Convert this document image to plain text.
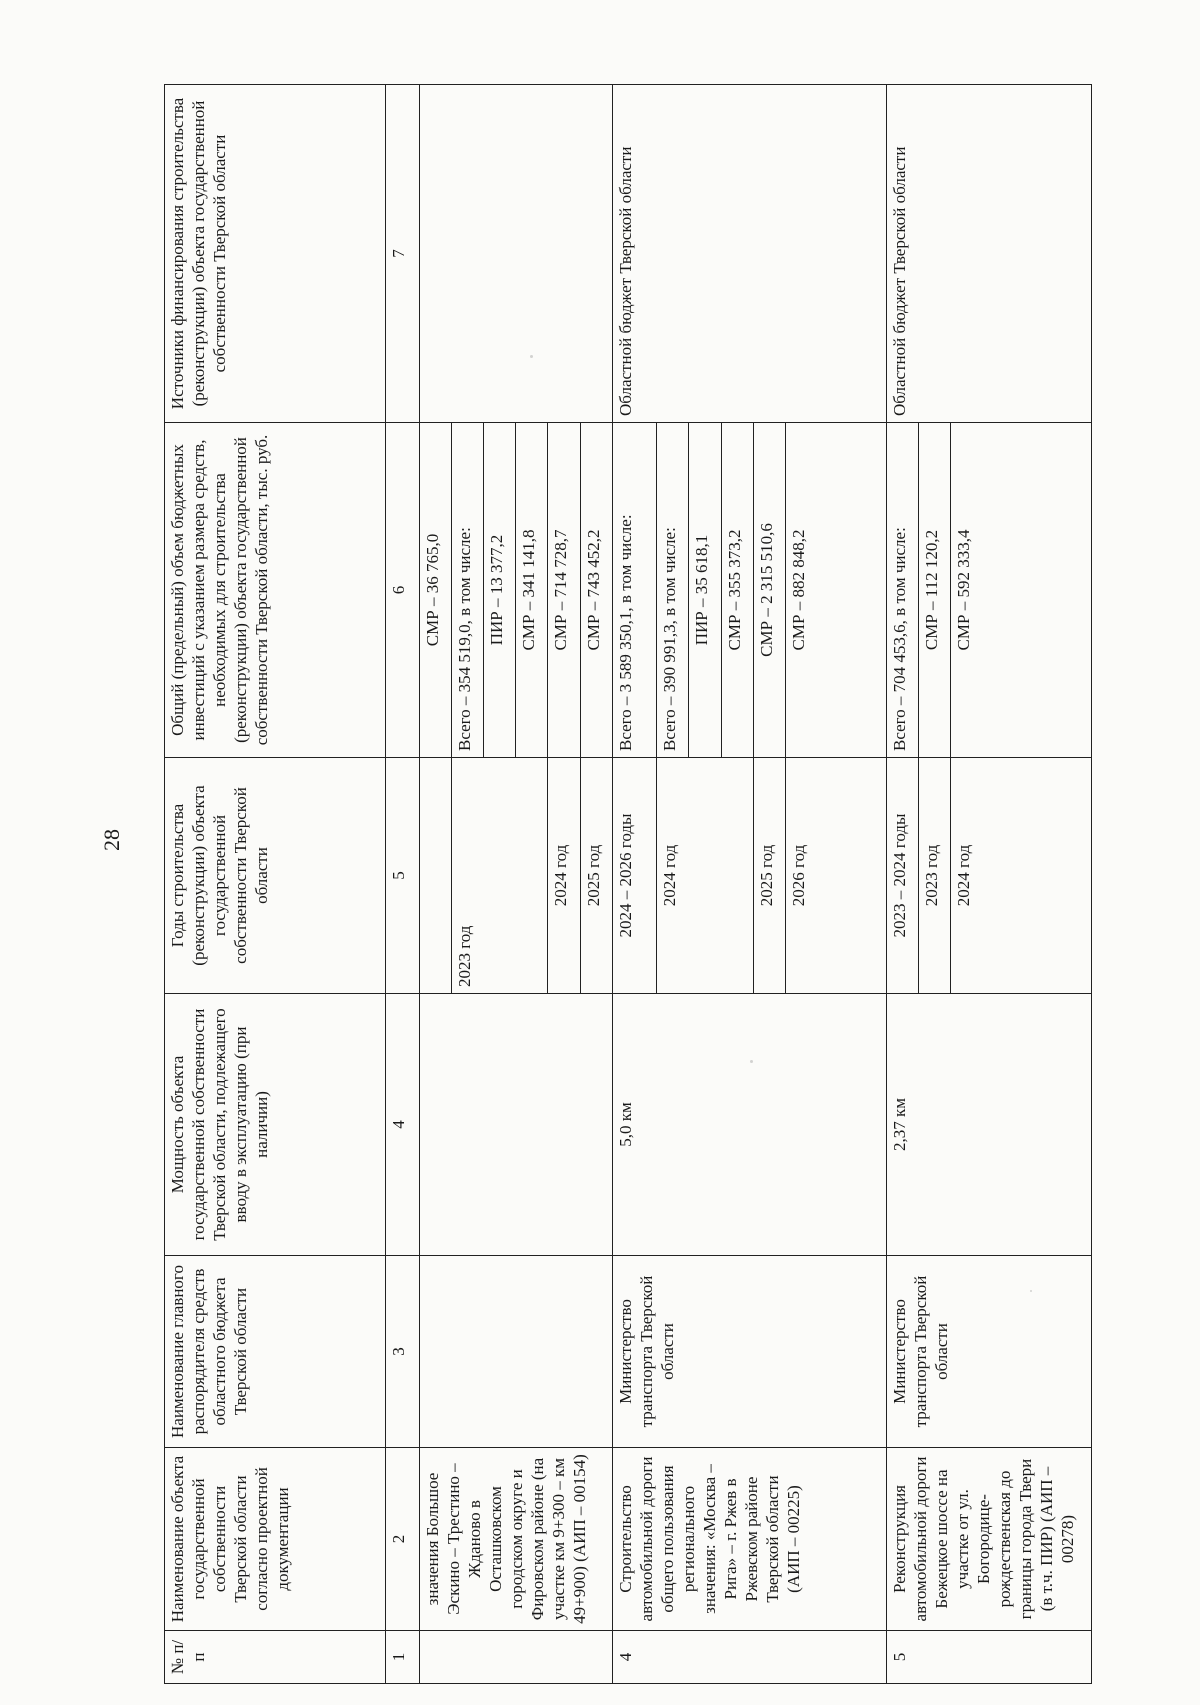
28
№ п/п	Наименование объекта государственной собственности Тверской области согласно проектной документации	Наименование главного распорядителя средств областного бюджета Тверской области	Мощность объекта государственной собственности Тверской области, подлежащего вводу в эксплуатацию (при наличии)	Годы строительства (реконструкции) объекта государственной собственности Тверской области	Общий (предельный) объем бюджетных инвестиций с указанием размера средств, необходимых для строительства (реконструкции) объекта государственной собственности Тверской области, тыс. руб.	Источники финансирования строительства (реконструкции) объекта государственной собственности Тверской области
1	2	3	4	5	6	7
	значения Большое Эскино – Трестино – Жданово в Осташковском городском округе и Фировском районе (на участке км 9+300 – км 49+900) (АИП – 00154)				СМР – 36 765,0	
				2023 год	Всего – 354 519,0, в том числе:	
					ПИР – 13 377,2	
					СМР – 341 141,8	
				2024 год	СМР – 714 728,7	
				2025 год	СМР – 743 452,2	
4	Строительство автомобильной дороги общего пользования регионального значения: «Москва – Рига» – г. Ржев в Ржевском районе Тверской области (АИП – 00225)	Министерство транспорта Тверской области	5,0 км	2024 – 2026 годы	Всего – 3 589 350,1, в том числе:	Областной бюджет Тверской области
				2024 год	Всего – 390 991,3, в том числе:	
					ПИР – 35 618,1	
					СМР – 355 373,2	
				2025 год	СМР – 2 315 510,6	
				2026 год	СМР – 882 848,2	
5	Реконструкция автомобильной дороги Бежецкое шоссе на участке от ул. Богородице-рождественская до границы города Твери (в т.ч. ПИР) (АИП – 00278)	Министерство транспорта Тверской области	2,37 км	2023 – 2024 годы	Всего – 704 453,6, в том числе:	Областной бюджет Тверской области
				2023 год	СМР – 112 120,2	
				2024 год	СМР – 592 333,4	
